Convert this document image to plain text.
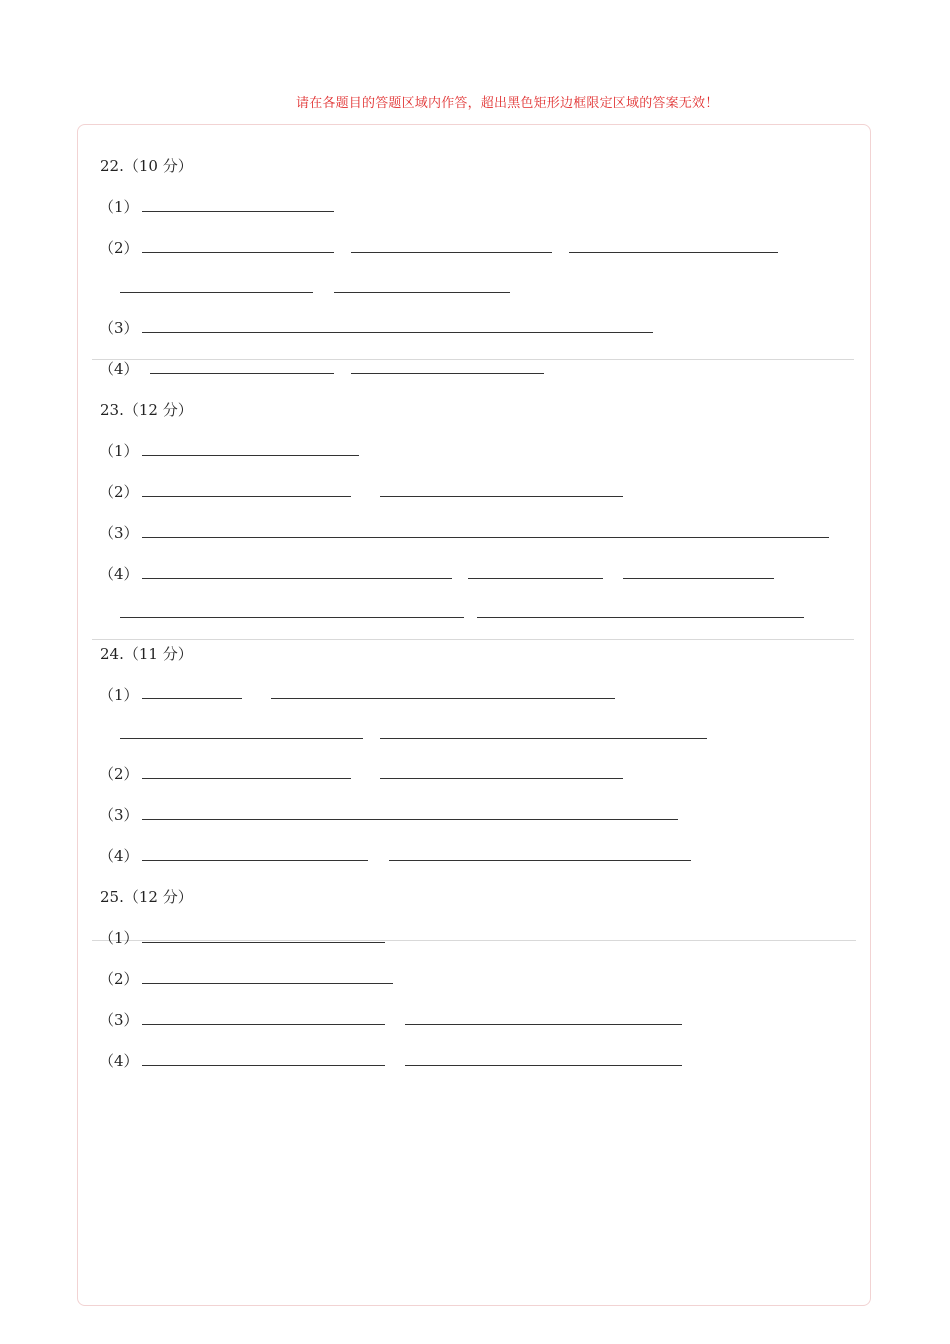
请在各题目的答题区域内作答，超出黑色矩形边框限定区域的答案无效！
22.（10 分）
（1）
（2）
（3）
（4）
23.（12 分）
（1）
（2）
（3）
（4）
24.（11 分）
（1）
（2）
（3）
（4）
25.（12 分）
（1）
（2）
（3）
（4）
